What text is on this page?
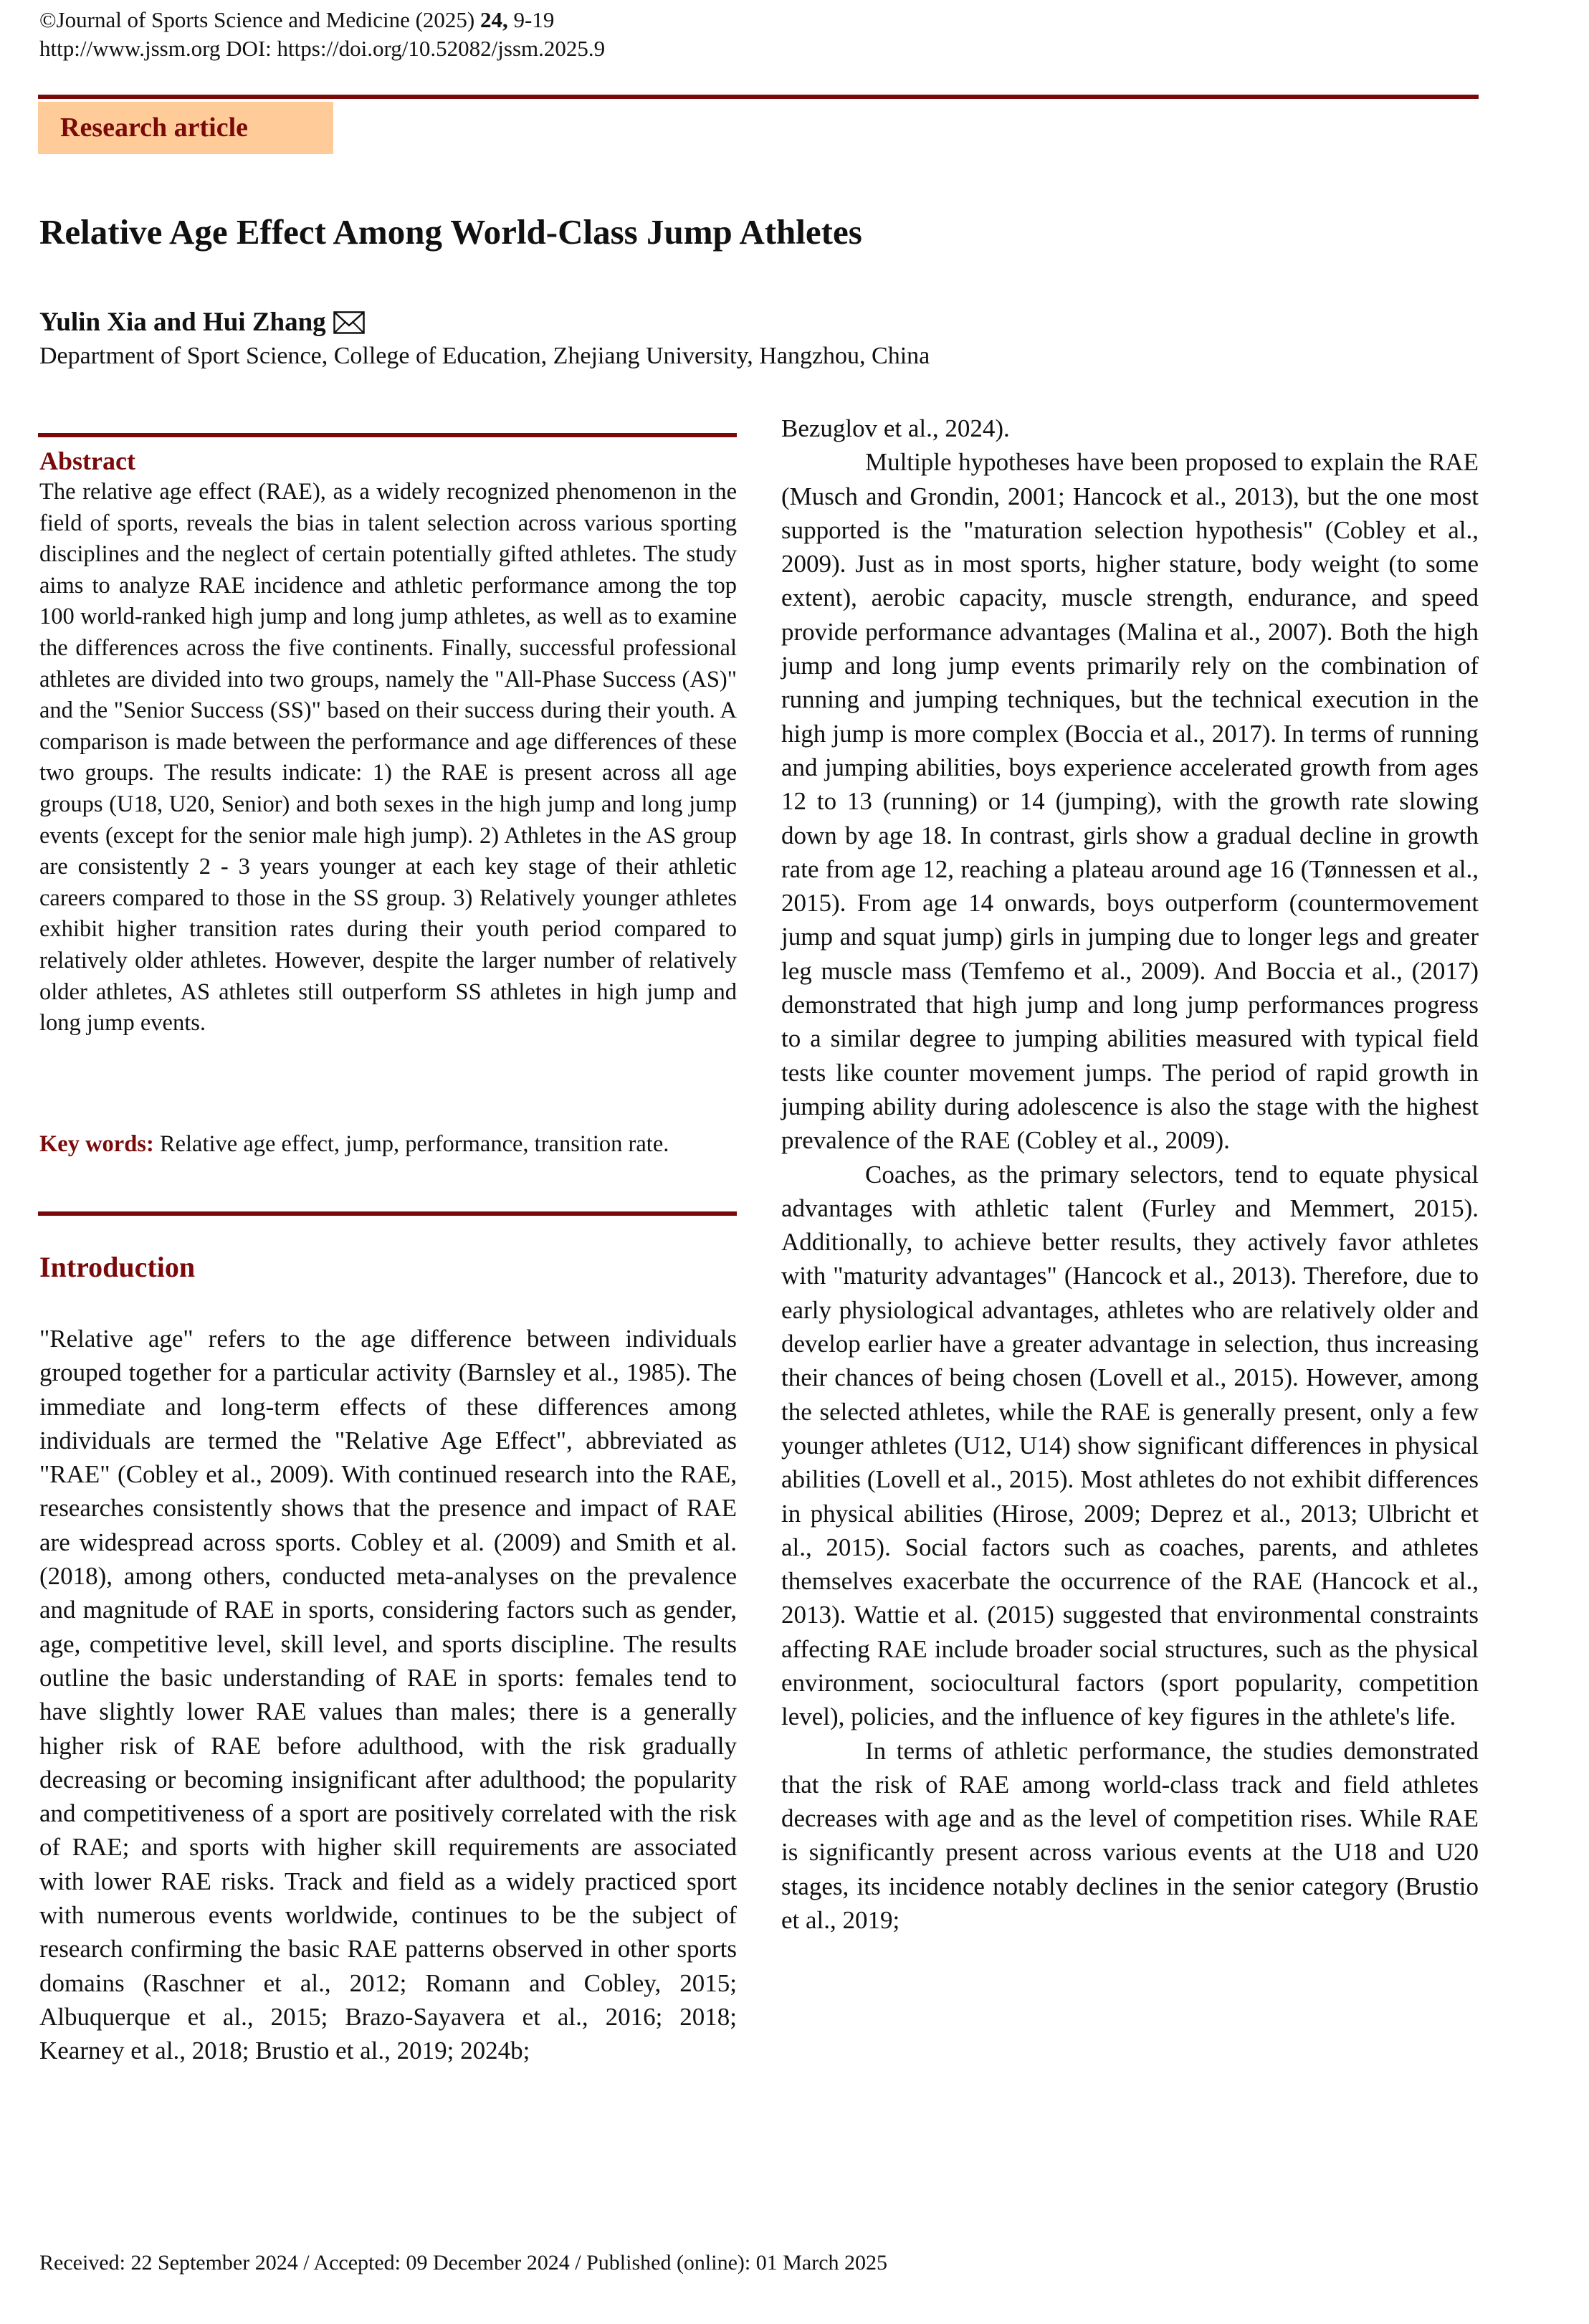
©Journal of Sports Science and Medicine (2025) 24, 9-19
http://www.jssm.org DOI: https://doi.org/10.52082/jssm.2025.9
Research article
Relative Age Effect Among World-Class Jump Athletes
Yulin Xia and Hui Zhang
Department of Sport Science, College of Education, Zhejiang University, Hangzhou, China
Abstract
The relative age effect (RAE), as a widely recognized phenomenon in the field of sports, reveals the bias in talent selection across various sporting disciplines and the neglect of certain potentially gifted athletes. The study aims to analyze RAE incidence and athletic performance among the top 100 world-ranked high jump and long jump athletes, as well as to examine the differences across the five continents. Finally, successful professional athletes are divided into two groups, namely the "All-Phase Success (AS)" and the "Senior Success (SS)" based on their success during their youth. A comparison is made between the performance and age differences of these two groups. The results indicate: 1) the RAE is present across all age groups (U18, U20, Senior) and both sexes in the high jump and long jump events (except for the senior male high jump). 2) Athletes in the AS group are consistently 2 - 3 years younger at each key stage of their athletic careers compared to those in the SS group. 3) Relatively younger athletes exhibit higher transition rates during their youth period compared to relatively older athletes. However, despite the larger number of relatively older athletes, AS athletes still outperform SS athletes in high jump and long jump events.
Key words: Relative age effect, jump, performance, transition rate.
Introduction

"Relative age" refers to the age difference between individuals grouped together for a particular activity (Barnsley et al., 1985). The immediate and long-term effects of these differences among individuals are termed the "Relative Age Effect", abbreviated as "RAE" (Cobley et al., 2009). With continued research into the RAE, researches consistently shows that the presence and impact of RAE are widespread across sports. Cobley et al. (2009) and Smith et al. (2018), among others, conducted meta-analyses on the prevalence and magnitude of RAE in sports, considering factors such as gender, age, competitive level, skill level, and sports discipline. The results outline the basic understanding of RAE in sports: females tend to have slightly lower RAE values than males; there is a generally higher risk of RAE before adulthood, with the risk gradually decreasing or becoming insignificant after adulthood; the popularity and competitiveness of a sport are positively correlated with the risk of RAE; and sports with higher skill requirements are associated with lower RAE risks. Track and field as a widely practiced sport with numerous events worldwide, continues to be the subject of research confirming the basic RAE patterns observed in other sports domains (Raschner et al., 2012; Romann and Cobley, 2015; Albuquerque et al., 2015; Brazo-Sayavera et al., 2016; 2018; Kearney et al., 2018; Brustio et al., 2019; 2024b;

Bezuglov et al., 2024).

Multiple hypotheses have been proposed to explain the RAE (Musch and Grondin, 2001; Hancock et al., 2013), but the one most supported is the "maturation selection hypothesis" (Cobley et al., 2009). Just as in most sports, higher stature, body weight (to some extent), aerobic capacity, muscle strength, endurance, and speed provide performance advantages (Malina et al., 2007). Both the high jump and long jump events primarily rely on the combination of running and jumping techniques, but the technical execution in the high jump is more complex (Boccia et al., 2017). In terms of running and jumping abilities, boys experience accelerated growth from ages 12 to 13 (running) or 14 (jumping), with the growth rate slowing down by age 18. In contrast, girls show a gradual decline in growth rate from age 12, reaching a plateau around age 16 (Tønnessen et al., 2015). From age 14 onwards, boys outperform (countermovement jump and squat jump) girls in jumping due to longer legs and greater leg muscle mass (Temfemo et al., 2009). And Boccia et al., (2017) demonstrated that high jump and long jump performances progress to a similar degree to jumping abilities measured with typical field tests like counter movement jumps. The period of rapid growth in jumping ability during adolescence is also the stage with the highest prevalence of the RAE (Cobley et al., 2009).

Coaches, as the primary selectors, tend to equate physical advantages with athletic talent (Furley and Memmert, 2015). Additionally, to achieve better results, they actively favor athletes with "maturity advantages" (Hancock et al., 2013). Therefore, due to early physiological advantages, athletes who are relatively older and develop earlier have a greater advantage in selection, thus increasing their chances of being chosen (Lovell et al., 2015). However, among the selected athletes, while the RAE is generally present, only a few younger athletes (U12, U14) show significant differences in physical abilities (Lovell et al., 2015). Most athletes do not exhibit differences in physical abilities (Hirose, 2009; Deprez et al., 2013; Ulbricht et al., 2015). Social factors such as coaches, parents, and athletes themselves exacerbate the occurrence of the RAE (Hancock et al., 2013). Wattie et al. (2015) suggested that environmental constraints affecting RAE include broader social structures, such as the physical environment, sociocultural factors (sport popularity, competition level), policies, and the influence of key figures in the athlete's life.

In terms of athletic performance, the studies demonstrated that the risk of RAE among world-class track and field athletes decreases with age and as the level of competition rises. While RAE is significantly present across various events at the U18 and U20 stages, its incidence notably declines in the senior category (Brustio et al., 2019;

Received: 22 September 2024 / Accepted: 09 December 2024 / Published (online): 01 March 2025
